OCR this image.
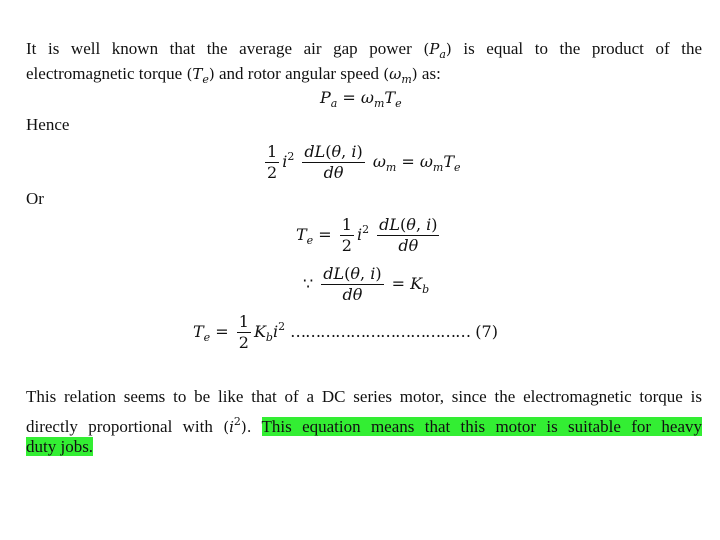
It is well known that the average air gap power $(P_a)$ is equal to the product of the
electromagnetic torque $(T_e)$ and rotor angular speed $(\omega_m)$ as:
$P_a = \omega_mT_e$
Hence
$\frac{1}{2} i^2 \frac{dL(\theta, i)}{d\theta} \omega_m = \omega_mT_e$
Or
$T_e = \frac{1}{2} i^2 \frac{dL(\theta, i)}{d\theta}$
∵ $\frac{dL(\theta, i)}{d\theta} = K_b$
$T_e = \frac{1}{2} K_bi^2$ ……………………………… (7)
This relation seems to be like that of a DC series motor, since the electromagnetic torque is
directly proportional with $(i^2)$. This equation means that this motor is suitable for heavy
duty jobs.
